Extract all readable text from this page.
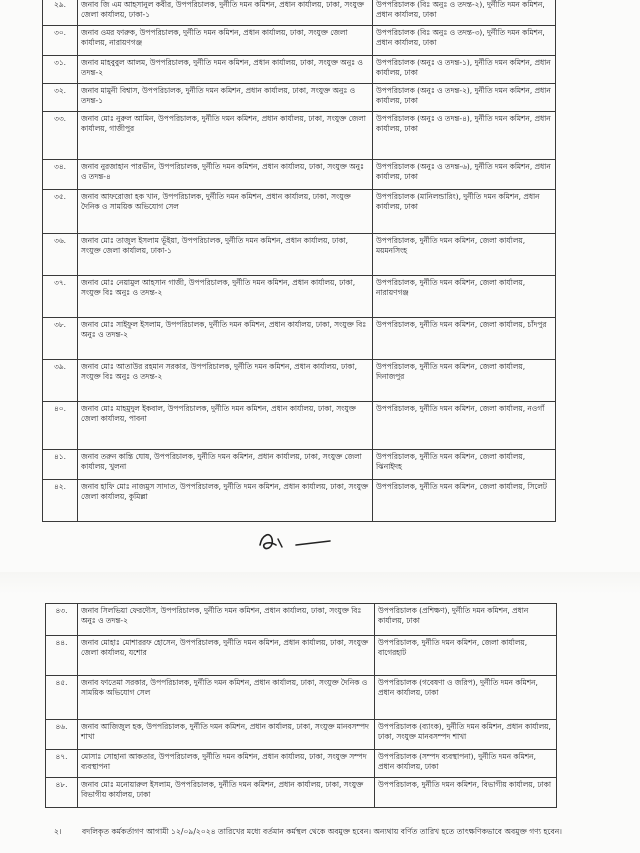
২৯.	জনাব জি এম আহসানুল কবীর, উপপরিচালক, দুর্নীতি দমন কমিশন, প্রধান কার্যালয়, ঢাকা, সংযুক্ত জেলা কার্যালয়, ঢাকা-১	উপপরিচালক (বিঃ অনুঃ ও তদন্ত-২), দুর্নীতি দমন কমিশন, প্রধান কার্যালয়, ঢাকা
৩০.	জনাব ওমর ফারুক, উপপরিচালক, দুর্নীতি দমন কমিশন, প্রধান কার্যালয়, ঢাকা, সংযুক্ত জেলা কার্যালয়, নারায়ণগঞ্জ	উপপরিচালক (বিঃ অনুঃ ও তদন্ত-৩), দুর্নীতি দমন কমিশন, প্রধান কার্যালয়, ঢাকা
৩১.	জনাব মাহবুবুল আলম, উপপরিচালক, দুর্নীতি দমন কমিশন, প্রধান কার্যালয়, ঢাকা, সংযুক্ত অনুঃ ও তদন্ত-২	উপপরিচালক (অনুঃ ও তদন্ত-১), দুর্নীতি দমন কমিশন, প্রধান কার্যালয়, ঢাকা
৩২.	জনাব মামুনী বিশ্বাস, উপপরিচালক, দুর্নীতি দমন কমিশন, প্রধান কার্যালয়, ঢাকা, সংযুক্ত অনুঃ ও তদন্ত-১	উপপরিচালক (অনুঃ ও তদন্ত-২), দুর্নীতি দমন কমিশন, প্রধান কার্যালয়, ঢাকা
৩৩.	জনাব মোঃ নুরুল আমিন, উপপরিচালক, দুর্নীতি দমন কমিশন, প্রধান কার্যালয়, ঢাকা, সংযুক্ত জেলা কার্যালয়, গাজীপুর	উপপরিচালক (অনুঃ ও তদন্ত-৪), দুর্নীতি দমন কমিশন, প্রধান কার্যালয়, ঢাকা
৩৪.	জনাব নুরজাহান পারভীন, উপপরিচালক, দুর্নীতি দমন কমিশন, প্রধান কার্যালয়, ঢাকা, সংযুক্ত অনুঃ ও তদন্ত-৪	উপপরিচালক (অনুঃ ও তদন্ত-৬), দুর্নীতি দমন কমিশন, প্রধান কার্যালয়, ঢাকা
৩৫.	জনাব আফরোজা হক খান, উপপরিচালক, দুর্নীতি দমন কমিশন, প্রধান কার্যালয়, ঢাকা, সংযুক্ত দৈনিক ও সাময়িক অভিযোগ সেল	উপপরিচালক (মানিলন্ডারিং), দুর্নীতি দমন কমিশন, প্রধান কার্যালয়, ঢাকা
৩৬.	জনাব মোঃ তাজুল ইসলাম ভূঁইয়া, উপপরিচালক, দুর্নীতি দমন কমিশন, প্রধান কার্যালয়, ঢাকা, সংযুক্ত জেলা কার্যালয়, ঢাকা-১	উপপরিচালক, দুর্নীতি দমন কমিশন, জেলা কার্যালয়, ময়মনসিংহ
৩৭.	জনাব মোঃ নেয়ামুল আহসান গাজী, উপপরিচালক, দুর্নীতি দমন কমিশন, প্রধান কার্যালয়, ঢাকা, সংযুক্ত বিঃ অনুঃ ও তদন্ত-২	উপপরিচালক, দুর্নীতি দমন কমিশন, জেলা কার্যালয়, নারায়ণগঞ্জ
৩৮.	জনাব মোঃ সাইফুল ইসলাম, উপপরিচালক, দুর্নীতি দমন কমিশন, প্রধান কার্যালয়, ঢাকা, সংযুক্ত বিঃ অনুঃ ও তদন্ত-২	উপপরিচালক, দুর্নীতি দমন কমিশন, জেলা কার্যালয়, চাঁদপুর
৩৯.	জনাব মোঃ আতাউর রহমান সরকার, উপপরিচালক, দুর্নীতি দমন কমিশন, প্রধান কার্যালয়, ঢাকা, সংযুক্ত বিঃ অনুঃ ও তদন্ত-২	উপপরিচালক, দুর্নীতি দমন কমিশন, জেলা কার্যালয়, দিনাজপুর
৪০.	জনাব মোঃ মাহমুদুল ইকবাল, উপপরিচালক, দুর্নীতি দমন কমিশন, প্রধান কার্যালয়, ঢাকা, সংযুক্ত জেলা কার্যালয়, পাবনা	উপপরিচালক, দুর্নীতি দমন কমিশন, জেলা কার্যালয়, নওগাঁ
৪১.	জনাব তরুন কান্তি ঘোষ, উপপরিচালক, দুর্নীতি দমন কমিশন, প্রধান কার্যালয়, ঢাকা, সংযুক্ত জেলা কার্যালয়, খুলনা	উপপরিচালক, দুর্নীতি দমন কমিশন, জেলা কার্যালয়, ঝিনাইদহ
৪২.	জনাব হাফি মোঃ নাজমুস সাদাত, উপপরিচালক, দুর্নীতি দমন কমিশন, প্রধান কার্যালয়, ঢাকা, সংযুক্ত জেলা কার্যালয়, কুমিল্লা	উপপরিচালক, দুর্নীতি দমন কমিশন, জেলা কার্যালয়, সিলেট
৪৩.	জনাব সিলভিয়া ফেরদৌস, উপপরিচালক, দুর্নীতি দমন কমিশন, প্রধান কার্যালয়, ঢাকা, সংযুক্ত বিঃ অনুঃ ও তদন্ত-২	উপপরিচালক (প্রশিক্ষণ), দুর্নীতি দমন কমিশন, প্রধান কার্যালয়, ঢাকা
৪৪.	জনাব মোহাঃ মোশাররফ হোসেন, উপপরিচালক, দুর্নীতি দমন কমিশন, প্রধান কার্যালয়, ঢাকা, সংযুক্ত জেলা কার্যালয়, যশোর	উপপরিচালক, দুর্নীতি দমন কমিশন, জেলা কার্যালয়, বাগেরহাট
৪৫.	জনাব ফাতেমা সরকার, উপপরিচালক, দুর্নীতি দমন কমিশন, প্রধান কার্যালয়, ঢাকা, সংযুক্ত দৈনিক ও সাময়িক অভিযোগ সেল	উপপরিচালক (গবেষণা ও জরিপ), দুর্নীতি দমন কমিশন, প্রধান কার্যালয়, ঢাকা
৪৬.	জনাব আজিজুল হক, উপপরিচালক, দুর্নীতি দমন কমিশন, প্রধান কার্যালয়, ঢাকা, সংযুক্ত মানবসম্পদ শাখা	উপপরিচালক (ব্যাংক), দুর্নীতি দমন কমিশন, প্রধান কার্যালয়, ঢাকা, সংযুক্ত মানবসম্পদ শাখা
৪৭.	মোসাঃ সোহানা আকতার, উপপরিচালক, দুর্নীতি দমন কমিশন, প্রধান কার্যালয়, ঢাকা, সংযুক্ত সম্পদ ব্যবস্থাপনা	উপপরিচালক (সম্পদ ব্যবস্থাপনা), দুর্নীতি দমন কমিশন, প্রধান কার্যালয়, ঢাকা
৪৮.	জনাব মোঃ মনোয়ারুল ইসলাম, উপপরিচালক, দুর্নীতি দমন কমিশন, প্রধান কার্যালয়, ঢাকা, সংযুক্ত বিভাগীয় কার্যালয়, ঢাকা	উপপরিচালক, দুর্নীতি দমন কমিশন, বিভাগীয় কার্যালয়, ঢাকা
২।	বদলিকৃত কর্মকর্তাগণ আগামী ১২/০৯/২০২৪ তারিখের মধ্যে বর্তমান কর্মস্থল থেকে অবমুক্ত হবেন। অন্যথায় বর্ণিত তারিখ হতে তাৎক্ষণিকভাবে অবমুক্ত গণ্য হবেন।
